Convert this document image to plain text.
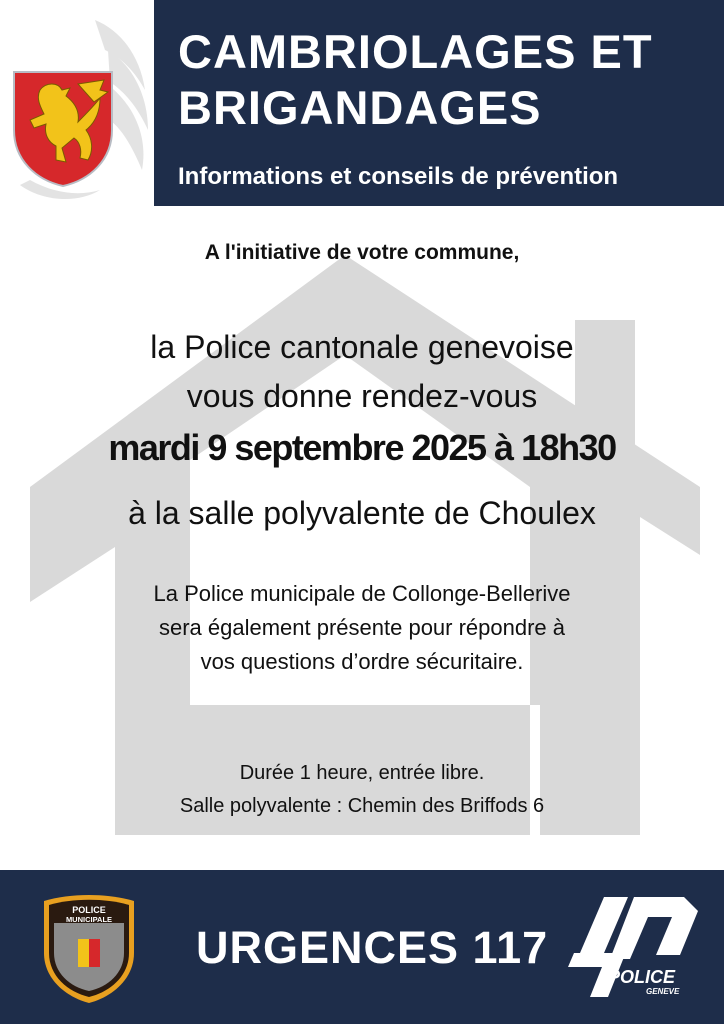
CAMBRIOLAGES ET
BRIGANDAGES

Informations et conseils de prévention

A l'initiative de votre commune,
la Police cantonale genevoise
vous donne rendez-vous
mardi 9 septembre 2025 à 18h30
à la salle polyvalente de Choulex
La Police municipale de Collonge-Bellerive
sera également présente pour répondre à
vos questions d’ordre sécuritaire.
Durée 1 heure, entrée libre.
Salle polyvalente : Chemin des Briffods 6
POLICE
MUNICIPALE
URGENCES 117
POLICE
GENEVE
